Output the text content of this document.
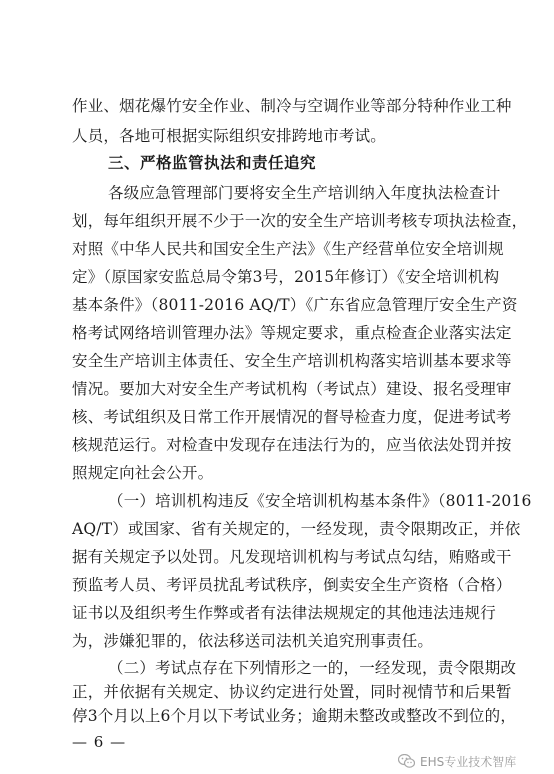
作业、烟花爆竹安全作业、制冷与空调作业等部分特种作业工种
人员，各地可根据实际组织安排跨地市考试。
三、严格监管执法和责任追究
各级应急管理部门要将安全生产培训纳入年度执法检查计
划，每年组织开展不少于一次的安全生产培训考核专项执法检查，
对照《中华人民共和国安全生产法》《生产经营单位安全培训规
定》（原国家安监总局令第3号，2015年修订）《安全培训机构
基本条件》（8011-2016 AQ/T）《广东省应急管理厅安全生产资
格考试网络培训管理办法》等规定要求，重点检查企业落实法定
安全生产培训主体责任、安全生产培训机构落实培训基本要求等
情况。要加大对安全生产考试机构（考试点）建设、报名受理审
核、考试组织及日常工作开展情况的督导检查力度，促进考试考
核规范运行。对检查中发现存在违法行为的，应当依法处罚并按
照规定向社会公开。
（一）培训机构违反《安全培训机构基本条件》（8011-2016
AQ/T）或国家、省有关规定的，一经发现，责令限期改正，并依
据有关规定予以处罚。凡发现培训机构与考试点勾结，贿赂或干
预监考人员、考评员扰乱考试秩序，倒卖安全生产资格（合格）
证书以及组织考生作弊或者有法律法规规定的其他违法违规行
为，涉嫌犯罪的，依法移送司法机关追究刑事责任。
— 6 —
EHS专业技术智库
（二）考试点存在下列情形之一的，一经发现，责令限期改
正，并依据有关规定、协议约定进行处置，同时视情节和后果暂
停3个月以上6个月以下考试业务；逾期未整改或整改不到位的，
